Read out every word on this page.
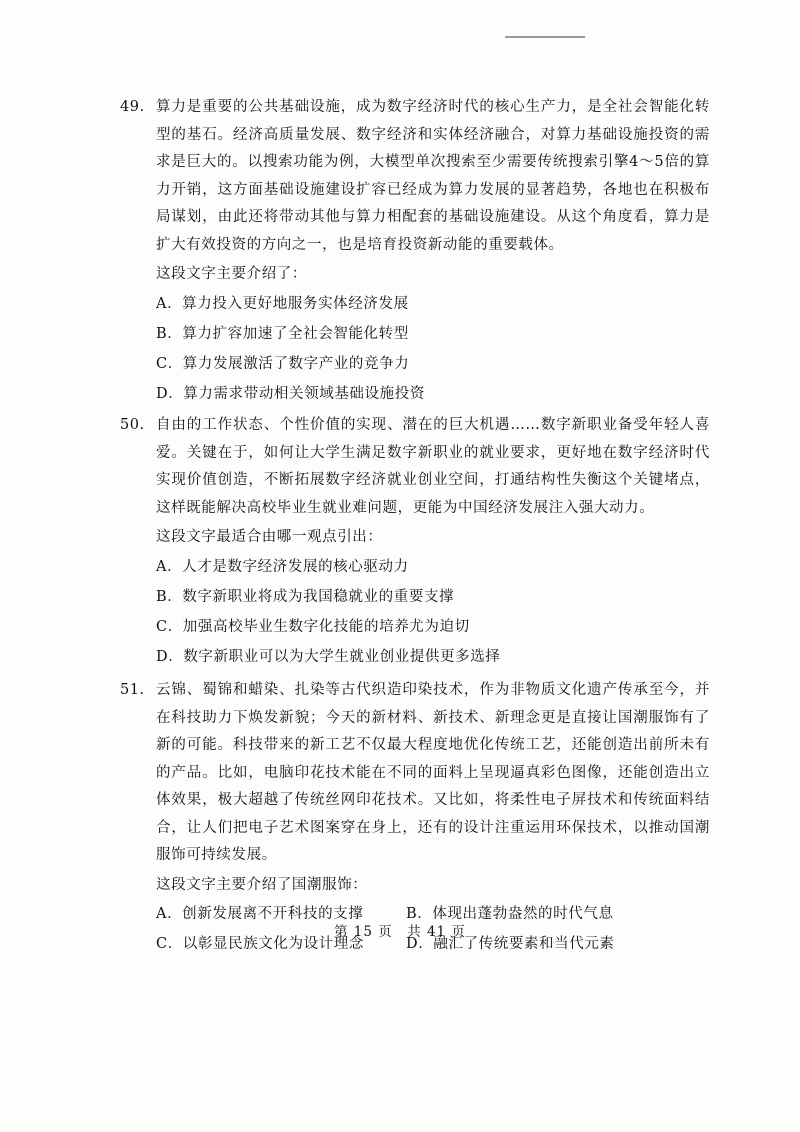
49. 算力是重要的公共基础设施，成为数字经济时代的核心生产力，是全社会智能化转型的基石。经济高质量发展、数字经济和实体经济融合，对算力基础设施投资的需求是巨大的。以搜索功能为例，大模型单次搜索至少需要传统搜索引擎4～5倍的算力开销，这方面基础设施建设扩容已经成为算力发展的显著趋势，各地也在积极布局谋划，由此还将带动其他与算力相配套的基础设施建设。从这个角度看，算力是扩大有效投资的方向之一，也是培育投资新动能的重要载体。
这段文字主要介绍了：
A．算力投入更好地服务实体经济发展
B．算力扩容加速了全社会智能化转型
C．算力发展激活了数字产业的竞争力
D．算力需求带动相关领域基础设施投资
50. 自由的工作状态、个性价值的实现、潜在的巨大机遇……数字新职业备受年轻人喜爱。关键在于，如何让大学生满足数字新职业的就业要求，更好地在数字经济时代实现价值创造，不断拓展数字经济就业创业空间，打通结构性失衡这个关键堵点，这样既能解决高校毕业生就业难问题，更能为中国经济发展注入强大动力。
这段文字最适合由哪一观点引出：
A．人才是数字经济发展的核心驱动力
B．数字新职业将成为我国稳就业的重要支撑
C．加强高校毕业生数字化技能的培养尤为迫切
D．数字新职业可以为大学生就业创业提供更多选择
51. 云锦、蜀锦和蜡染、扎染等古代织造印染技术，作为非物质文化遗产传承至今，并在科技助力下焕发新貌；今天的新材料、新技术、新理念更是直接让国潮服饰有了新的可能。科技带来的新工艺不仅最大程度地优化传统工艺，还能创造出前所未有的产品。比如，电脑印花技术能在不同的面料上呈现逼真彩色图像，还能创造出立体效果，极大超越了传统丝网印花技术。又比如，将柔性电子屏技术和传统面料结合，让人们把电子艺术图案穿在身上，还有的设计注重运用环保技术，以推动国潮服饰可持续发展。
这段文字主要介绍了国潮服饰：
A．创新发展离不开科技的支撑	B．体现出蓬勃盎然的时代气息
C．以彰显民族文化为设计理念	D．融汇了传统要素和当代元素
第 15 页　共 41 页
